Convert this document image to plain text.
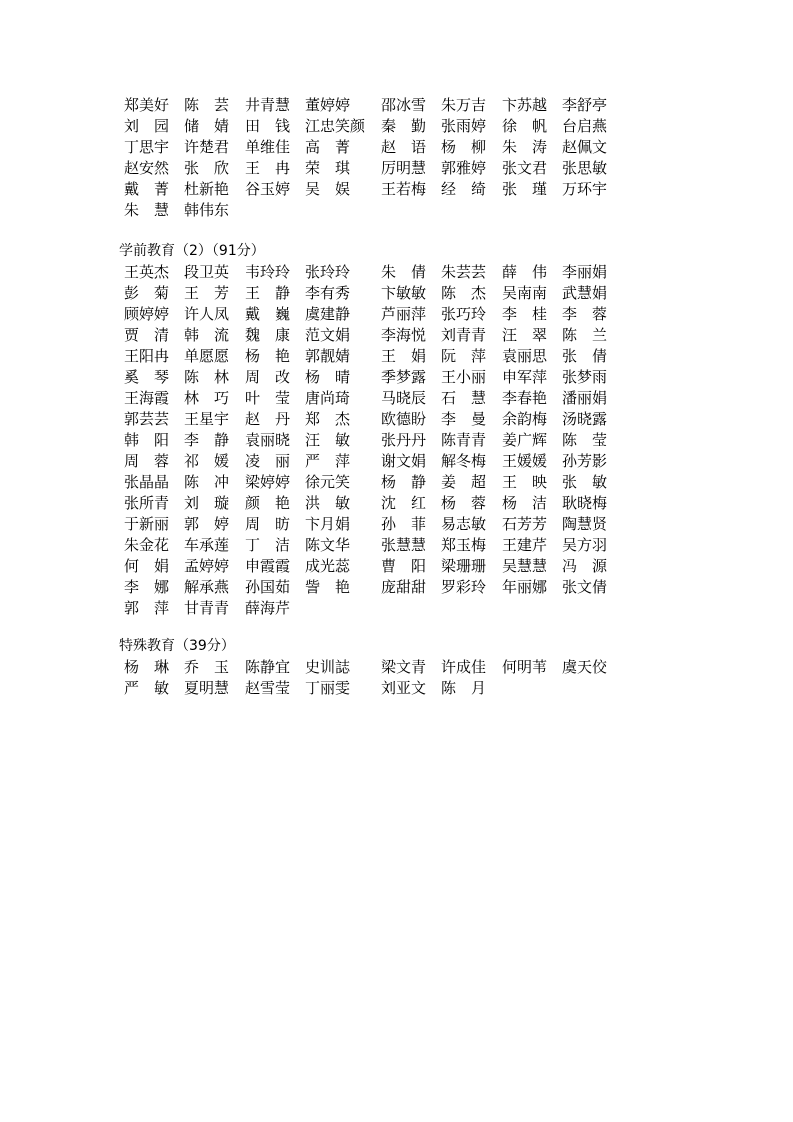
郑美好 陈　芸 井青慧 董婷婷 邵冰雪 朱万吉 卞苏越 李舒亭
刘　园 储　婧 田　钱 江忠笑颜 秦　勤 张雨婷 徐　帆 台启燕
丁思宇 许楚君 单维佳 高　菁 赵　语 杨　柳 朱　涛 赵佩文
赵安然 张　欣 王　冉 荣　琪 厉明慧 郭雅婷 张文君 张思敏
戴　菁 杜新艳 谷玉婷 吴　娱 王若梅 经　绮 张　瑾 万环宇
朱　慧 韩伟东
学前教育（2）（91分）
王英杰 段卫英 韦玲玲 张玲玲 朱　倩 朱芸芸 薛　伟 李丽娟
彭　菊 王　芳 王　静 李有秀 卞敏敏 陈　杰 吴南南 武慧娟
顾婷婷 许人凤 戴　巍 虞建静 芦丽萍 张巧玲 李　桂 李　蓉
贾　清 韩　流 魏　康 范文娟 李海悦 刘青青 汪　翠 陈　兰
王阳冉 单愿愿 杨　艳 郭靓婧 王　娟 阮　萍 袁丽思 张　倩
奚　琴 陈　林 周　改 杨　晴 季梦露 王小丽 申军萍 张梦雨
王海霞 林　巧 叶　莹 唐尚琦 马晓辰 石　慧 李春艳 潘丽娟
郭芸芸 王星宇 赵　丹 郑　杰 欧德盼 李　曼 余韵梅 汤晓露
韩　阳 李　静 袁丽晓 汪　敏 张丹丹 陈青青 姜广辉 陈　莹
周　蓉 祁　媛 凌　丽 严　萍 谢文娟 解冬梅 王媛媛 孙芳影
张晶晶 陈　冲 梁婷婷 徐元笑 杨　静 姜　超 王　映 张　敏
张所青 刘　璇 颜　艳 洪　敏 沈　红 杨　蓉 杨　洁 耿晓梅
于新丽 郭　婷 周　昉 卞月娟 孙　菲 易志敏 石芳芳 陶慧贤
朱金花 车承莲 丁　洁 陈文华 张慧慧 郑玉梅 王建芹 吴方羽
何　娟 孟婷婷 申霞霞 成光蕊 曹　阳 梁珊珊 吴慧慧 冯　源
李　娜 解承燕 孙国茹 訾　艳 庞甜甜 罗彩玲 年丽娜 张文倩
郭　萍 甘青青 薛海芹
特殊教育（39分）
杨　琳 乔　玉 陈静宜 史训誌 梁文青 许成佳 何明苇 虞天佼
严　敏 夏明慧 赵雪莹 丁丽雯 刘亚文 陈　月
